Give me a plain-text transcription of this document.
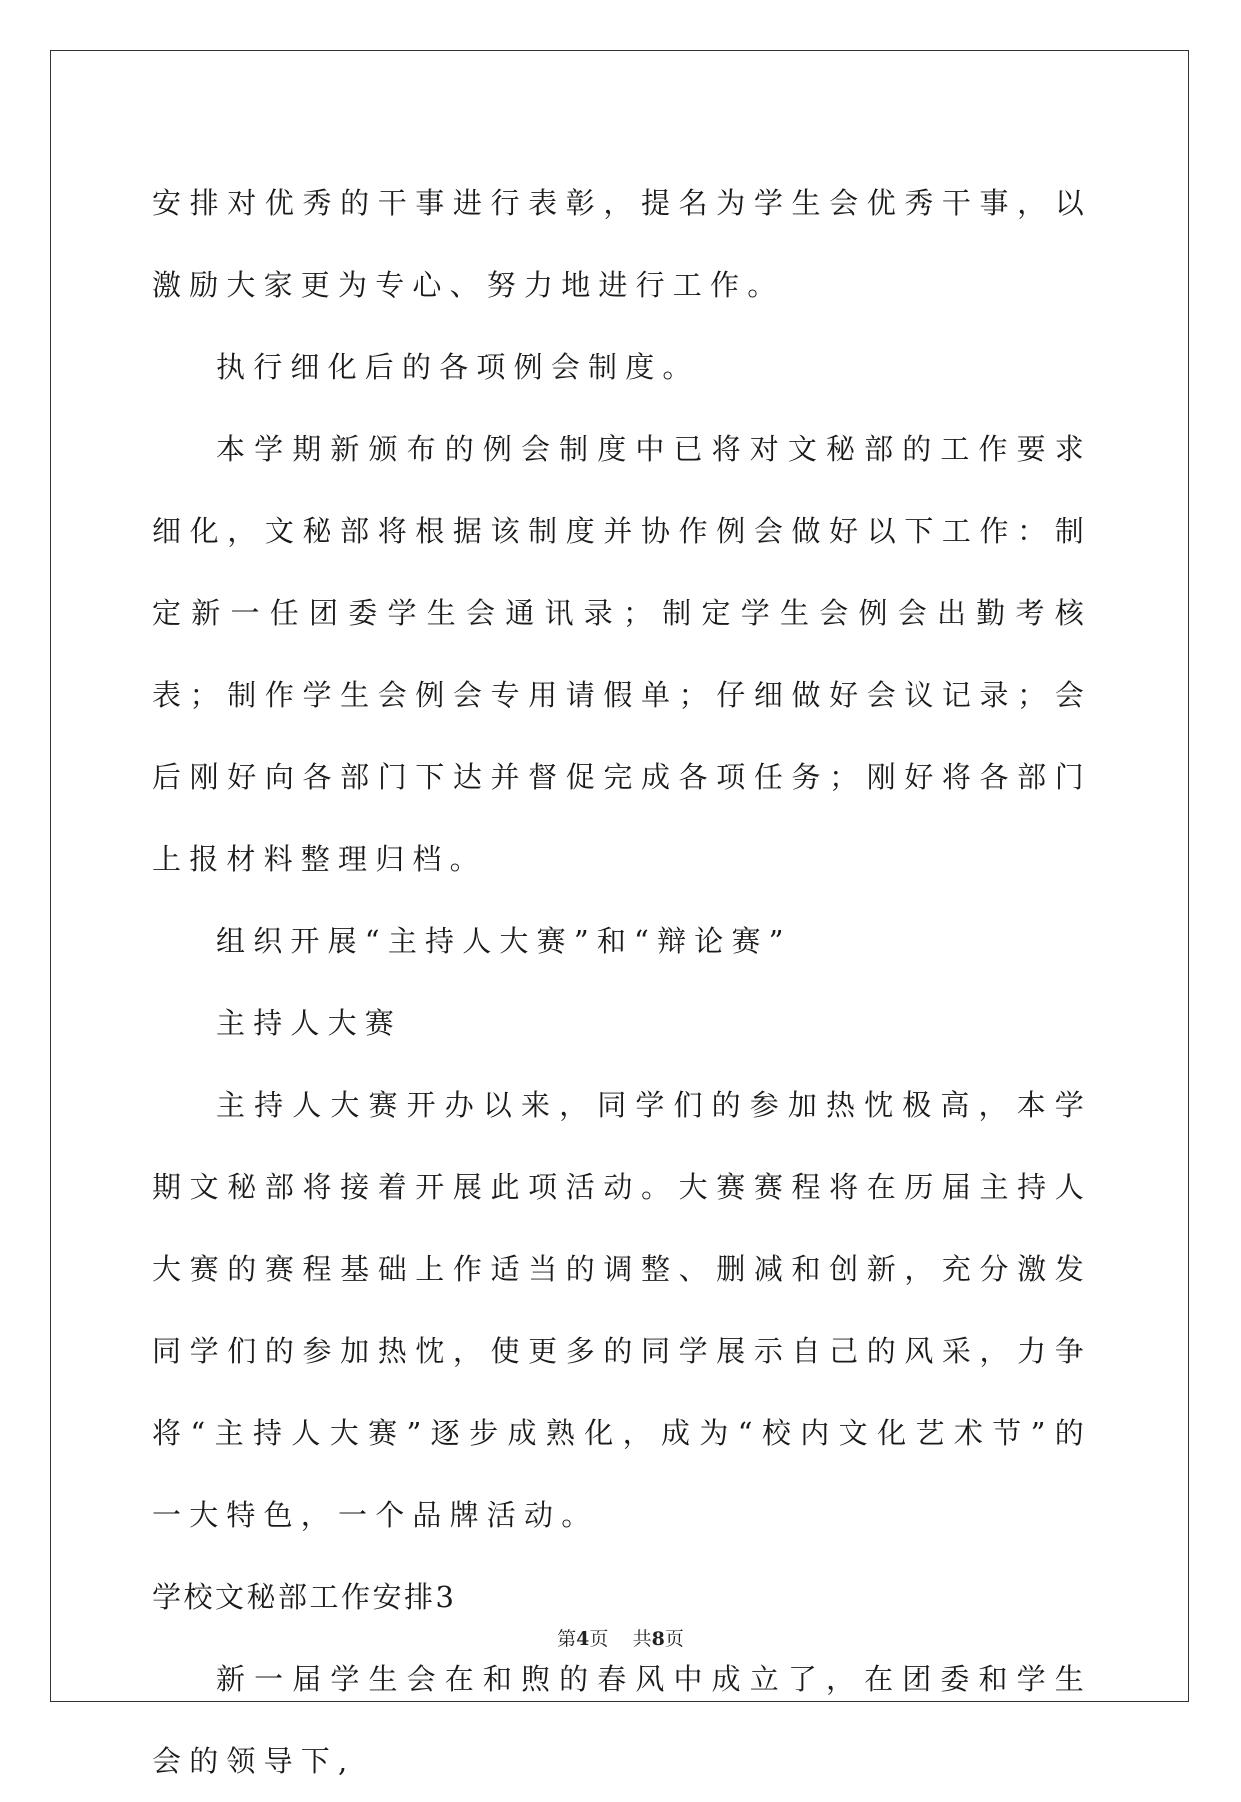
安排对优秀的干事进行表彰，提名为学生会优秀干事，以激励大家更为专心、努力地进行工作。

执行细化后的各项例会制度。

本学期新颁布的例会制度中已将对文秘部的工作要求细化，文秘部将根据该制度并协作例会做好以下工作：制定新一任团委学生会通讯录；制定学生会例会出勤考核表；制作学生会例会专用请假单；仔细做好会议记录；会后刚好向各部门下达并督促完成各项任务；刚好将各部门上报材料整理归档。

组织开展“主持人大赛”和“辩论赛”

主持人大赛

主持人大赛开办以来，同学们的参加热忱极高，本学期文秘部将接着开展此项活动。大赛赛程将在历届主持人大赛的赛程基础上作适当的调整、删减和创新，充分激发同学们的参加热忱，使更多的同学展示自己的风采，力争将“主持人大赛”逐步成熟化，成为“校内文化艺术节”的一大特色，一个品牌活动。

学校文秘部工作安排3

新一届学生会在和煦的春风中成立了，在团委和学生会的领导下,

第4页 共8页
